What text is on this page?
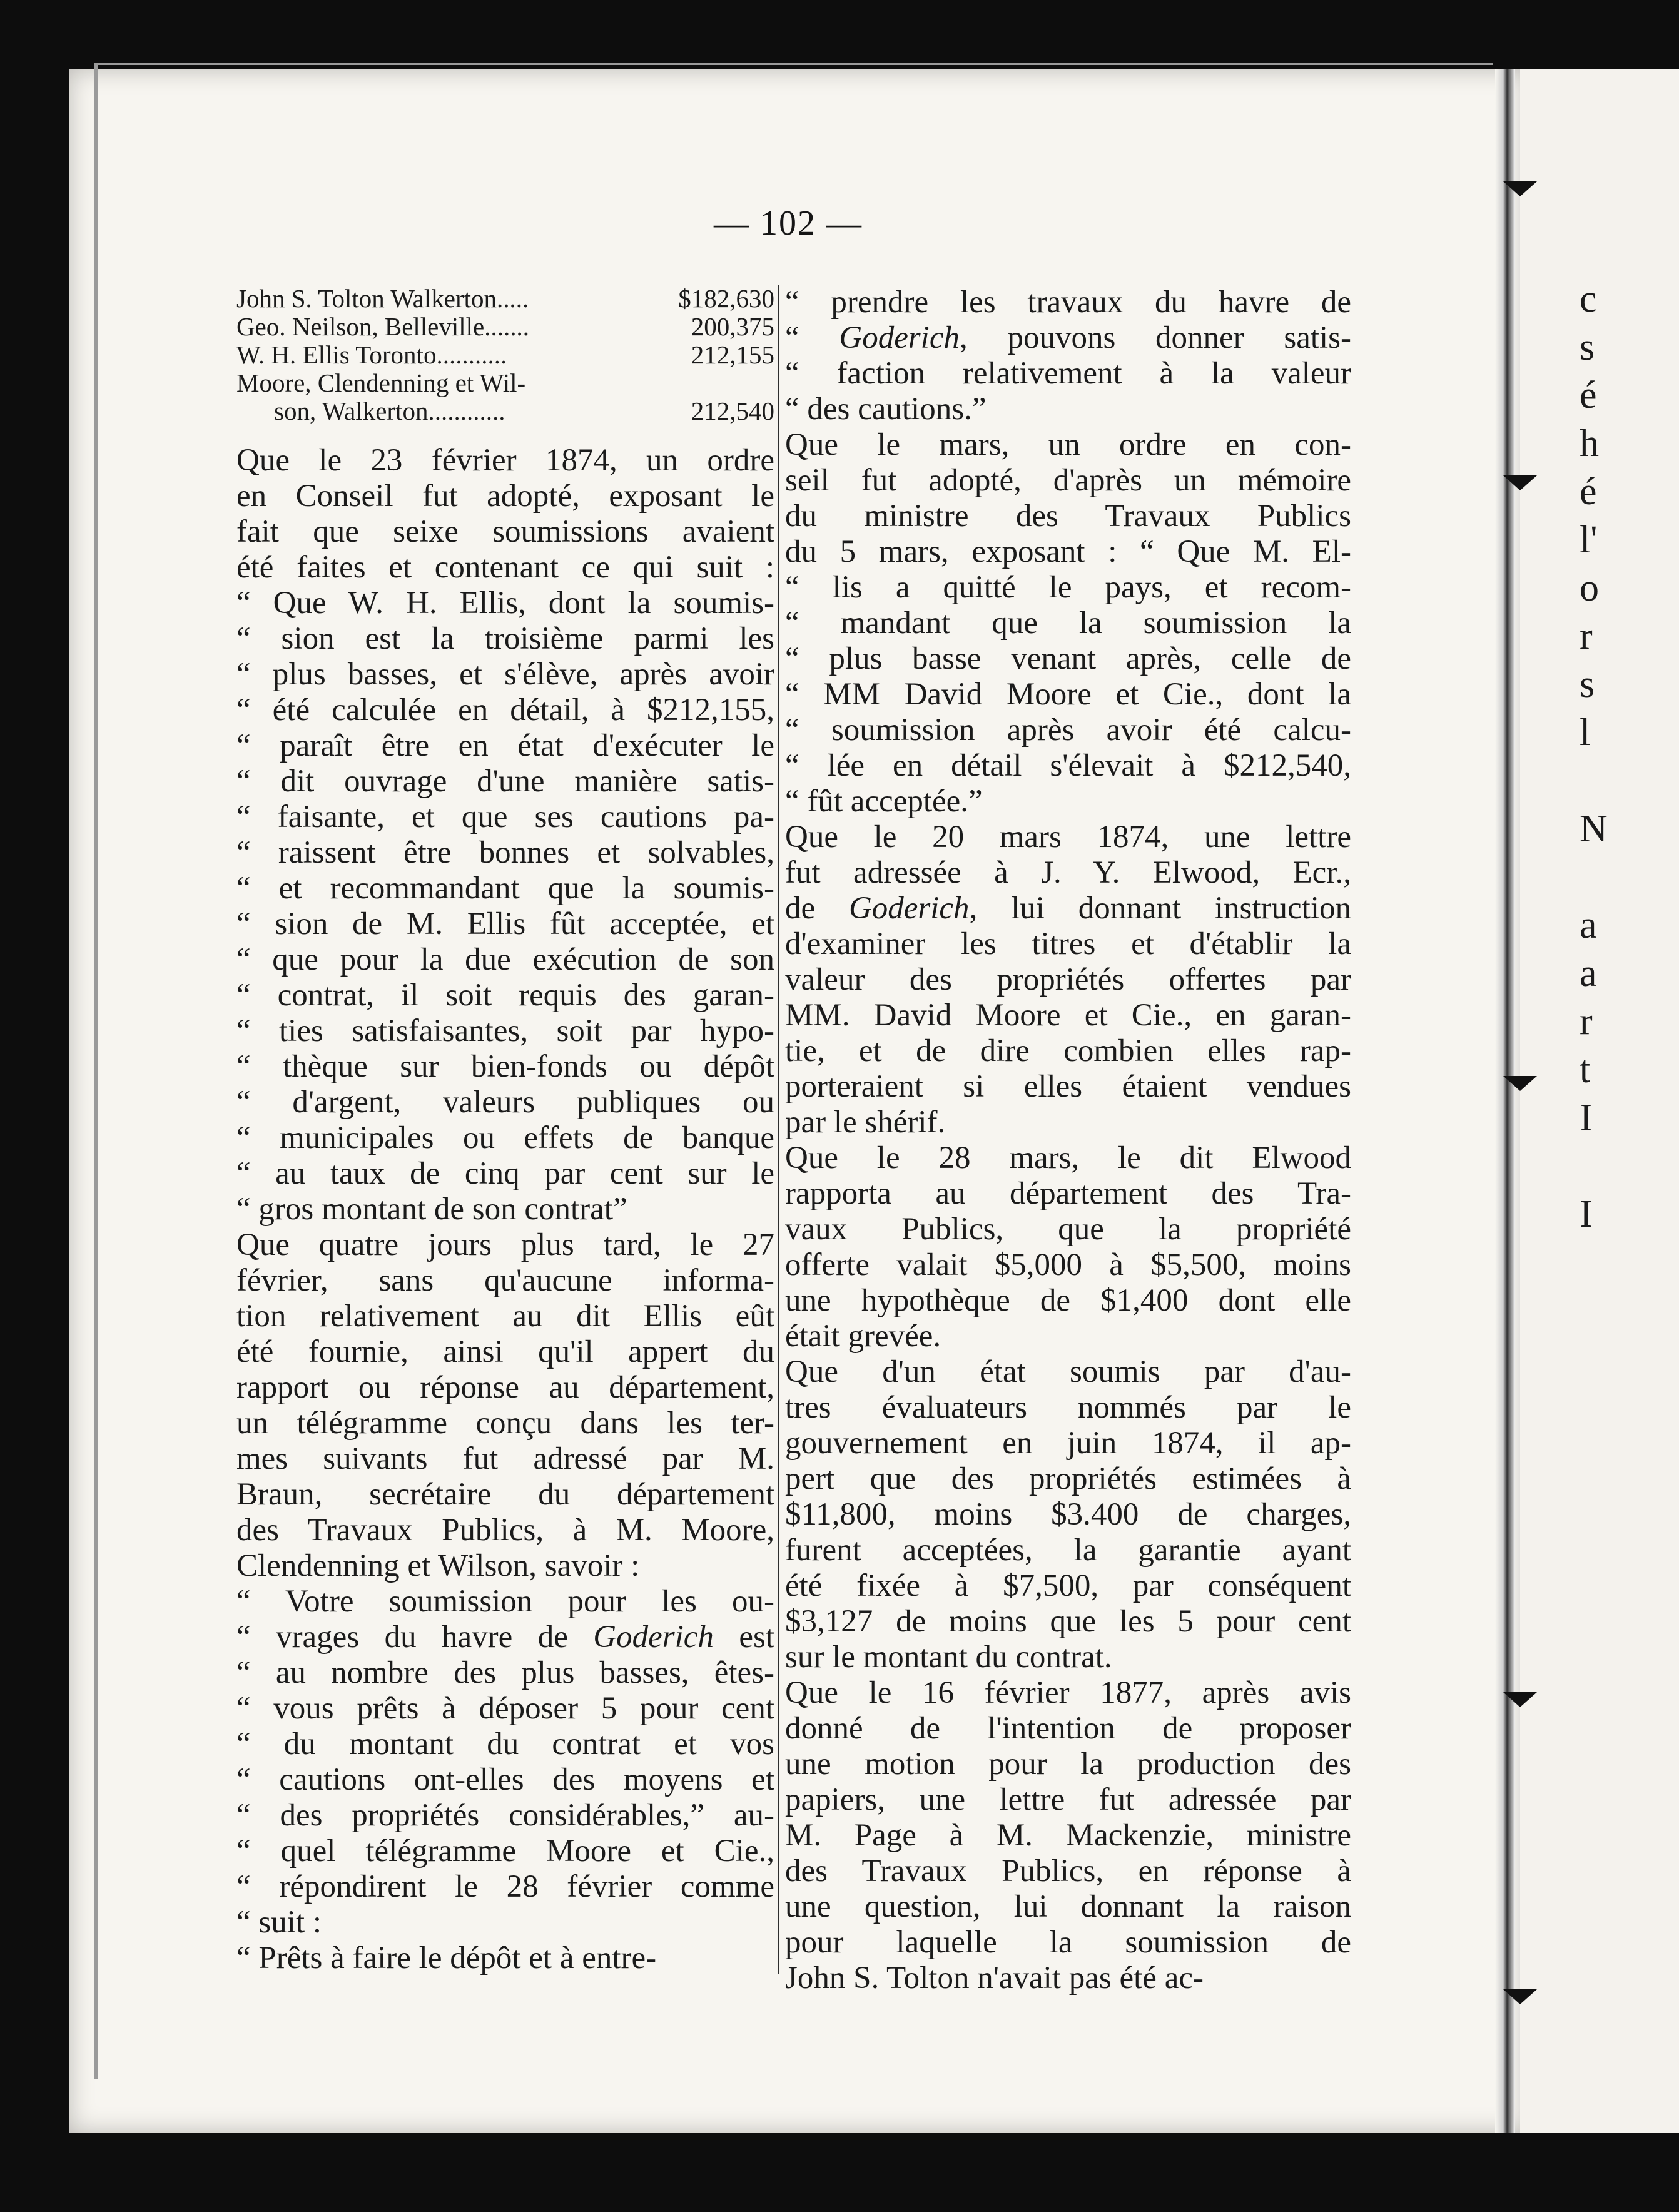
c
s
é
h
é
l'
o
r
s
l
N
a
a
r
t
I
I
— 102 —
John S. Tolton Walkerton.....	$182,630
Geo. Neilson, Belleville.......	200,375
W. H. Ellis Toronto...........	212,155
Moore, Clendenning et Wil-
son, Walkerton............	212,540
Que le 23 février 1874, un ordre
en Conseil fut adopté, exposant le
fait que seixe soumissions avaient
été faites et contenant ce qui suit :
“ Que W. H. Ellis, dont la soumis-
“ sion est la troisième parmi les
“ plus basses, et s'élève, après avoir
“ été calculée en détail, à $212,155,
“ paraît être en état d'exécuter le
“ dit ouvrage d'une manière satis-
“ faisante, et que ses cautions pa-
“ raissent être bonnes et solvables,
“ et recommandant que la soumis-
“ sion de M. Ellis fût acceptée, et
“ que pour la due exécution de son
“ contrat, il soit requis des garan-
“ ties satisfaisantes, soit par hypo-
“ thèque sur bien-fonds ou dépôt
“ d'argent, valeurs publiques ou
“ municipales ou effets de banque
“ au taux de cinq par cent sur le
“ gros montant de son contrat”
Que quatre jours plus tard, le 27
février, sans qu'aucune informa-
tion relativement au dit Ellis eût
été fournie, ainsi qu'il appert du
rapport ou réponse au département,
un télégramme conçu dans les ter-
mes suivants fut adressé par M.
Braun, secrétaire du département
des Travaux Publics, à M. Moore,
Clendenning et Wilson, savoir :
“ Votre soumission pour les ou-
“ vrages du havre de Goderich est
“ au nombre des plus basses, êtes-
“ vous prêts à déposer 5 pour cent
“ du montant du contrat et vos
“ cautions ont-elles des moyens et
“ des propriétés considérables,” au-
“ quel télégramme Moore et Cie.,
“ répondirent le 28 février comme
“ suit :
“ Prêts à faire le dépôt et à entre-
“ prendre les travaux du havre de
“ Goderich, pouvons donner satis-
“ faction relativement à la valeur
“ des cautions.”
Que le mars, un ordre en con-
seil fut adopté, d'après un mémoire
du ministre des Travaux Publics
du 5 mars, exposant : “ Que M. El-
“ lis a quitté le pays, et recom-
“ mandant que la soumission la
“ plus basse venant après, celle de
“ MM David Moore et Cie., dont la
“ soumission après avoir été calcu-
“ lée en détail s'élevait à $212,540,
“ fût acceptée.”
Que le 20 mars 1874, une lettre
fut adressée à J. Y. Elwood, Ecr.,
de Goderich, lui donnant instruction
d'examiner les titres et d'établir la
valeur des propriétés offertes par
MM. David Moore et Cie., en garan-
tie, et de dire combien elles rap-
porteraient si elles étaient vendues
par le shérif.
Que le 28 mars, le dit Elwood
rapporta au département des Tra-
vaux Publics, que la propriété
offerte valait $5,000 à $5,500, moins
une hypothèque de $1,400 dont elle
était grevée.
Que d'un état soumis par d'au-
tres évaluateurs nommés par le
gouvernement en juin 1874, il ap-
pert que des propriétés estimées à
$11,800, moins $3.400 de charges,
furent acceptées, la garantie ayant
été fixée à $7,500, par conséquent
$3,127 de moins que les 5 pour cent
sur le montant du contrat.
Que le 16 février 1877, après avis
donné de l'intention de proposer
une motion pour la production des
papiers, une lettre fut adressée par
M. Page à M. Mackenzie, ministre
des Travaux Publics, en réponse à
une question, lui donnant la raison
pour laquelle la soumission de
John S. Tolton n'avait pas été ac-
